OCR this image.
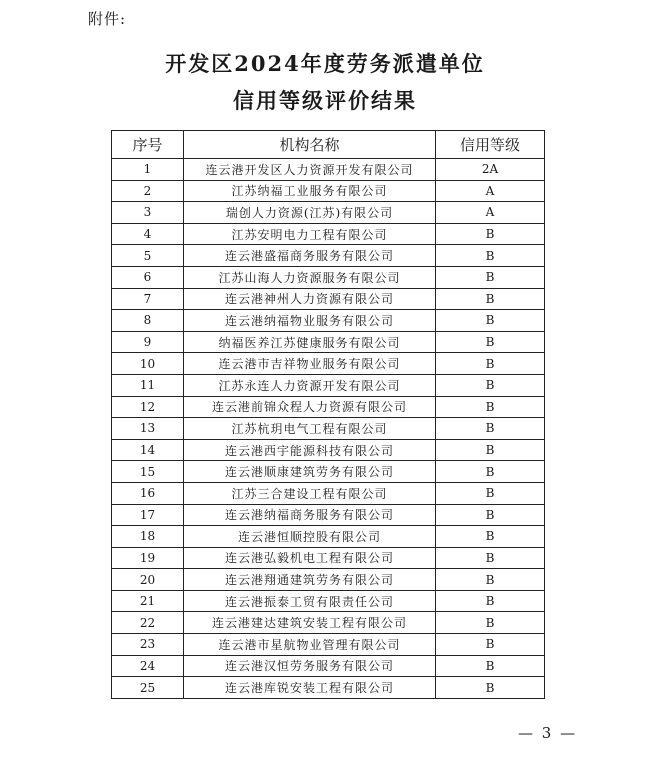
附件:
开发区2024年度劳务派遣单位
信用等级评价结果
序号	机构名称	信用等级
1	连云港开发区人力资源开发有限公司	2A
2	江苏纳福工业服务有限公司	A
3	瑞创人力资源(江苏)有限公司	A
4	江苏安明电力工程有限公司	B
5	连云港盛福商务服务有限公司	B
6	江苏山海人力资源服务有限公司	B
7	连云港神州人力资源有限公司	B
8	连云港纳福物业服务有限公司	B
9	纳福医养江苏健康服务有限公司	B
10	连云港市吉祥物业服务有限公司	B
11	江苏永连人力资源开发有限公司	B
12	连云港前锦众程人力资源有限公司	B
13	江苏杭玥电气工程有限公司	B
14	连云港西宇能源科技有限公司	B
15	连云港顺康建筑劳务有限公司	B
16	江苏三合建设工程有限公司	B
17	连云港纳福商务服务有限公司	B
18	连云港恒顺控股有限公司	B
19	连云港弘毅机电工程有限公司	B
20	连云港翔通建筑劳务有限公司	B
21	连云港振泰工贸有限责任公司	B
22	连云港建达建筑安装工程有限公司	B
23	连云港市星航物业管理有限公司	B
24	连云港汉恒劳务服务有限公司	B
25	连云港库锐安装工程有限公司	B
— 3 —
